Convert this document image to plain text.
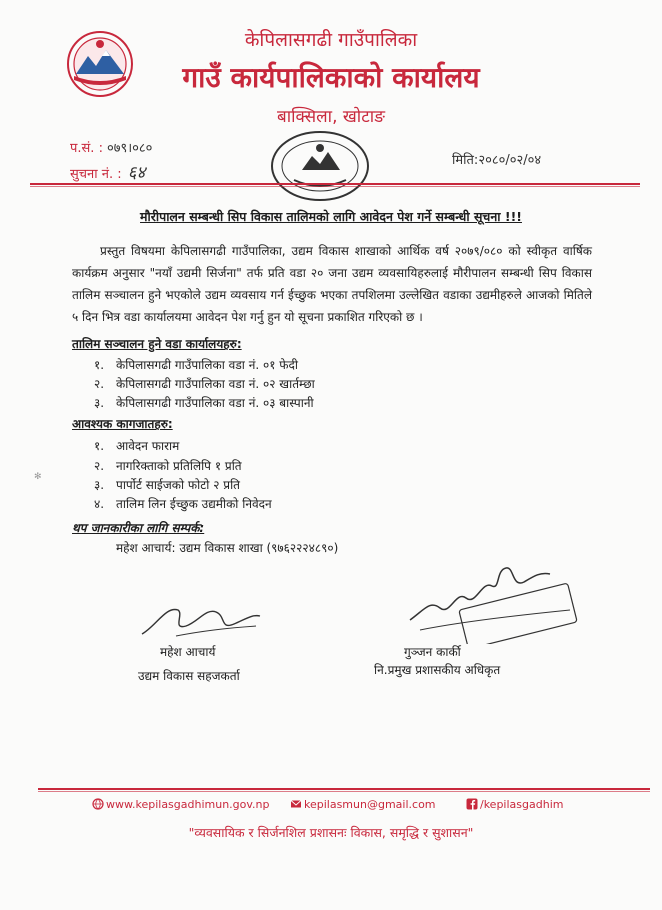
केपिलासगढी गाउँपालिका
गाउँ कार्यपालिकाको कार्यालय
बाक्सिला, खोटाङ
प.सं. : ०७९।०८०
सुचना नं. : ६४
मिति:२०८०/०२/०४
मौरीपालन सम्बन्धी सिप विकास तालिमको लागि आवेदन पेश गर्ने सम्बन्धी सूचना !!!
प्रस्तुत विषयमा केपिलासगढी गाउँपालिका, उद्यम विकास शाखाको आर्थिक वर्ष २०७९/०८० को स्वीकृत वार्षिक कार्यक्रम अनुसार "नयाँ उद्यमी सिर्जना" तर्फ प्रति वडा २० जना उद्यम व्यवसायिहरुलाई मौरीपालन सम्बन्धी सिप विकास तालिम सञ्चालन हुने भएकोले उद्यम व्यवसाय गर्न ईच्छुक भएका तपशिलमा उल्लेखित वडाका उद्यमीहरुले आजको मितिले ५ दिन भित्र वडा कार्यालयमा आवेदन पेश गर्नु हुन यो सूचना प्रकाशित गरिएको छ ।
तालिम सञ्चालन हुने वडा कार्यालयहरु:
१. केपिलासगढी गाउँपालिका वडा नं. ०१ फेदी
२. केपिलासगढी गाउँपालिका वडा नं. ०२ खार्तम्छा
३. केपिलासगढी गाउँपालिका वडा नं. ०३ बास्पानी
आवश्यक कागजातहरु:
१. आवेदन फाराम
२. नागरिक्ताको प्रतिलिपि १ प्रति
३. पार्पोर्ट साईजको फोटो २ प्रति
४. तालिम लिन ईच्छुक उद्यमीको निवेदन
✻
थप जानकारीका लागि सम्पर्क:
महेश आचार्य: उद्यम विकास शाखा (९७६२२२४८९०)
महेश आचार्य
उद्यम विकास सहजकर्ता
गुञ्जन कार्की
नि.प्रमुख प्रशासकीय अधिकृत
www.kepilasgadhimun.gov.np	kepilasmun@gmail.com	/kepilasgadhim
"व्यवसायिक र सिर्जनशिल प्रशासनः विकास, समृद्धि र सुशासन"
